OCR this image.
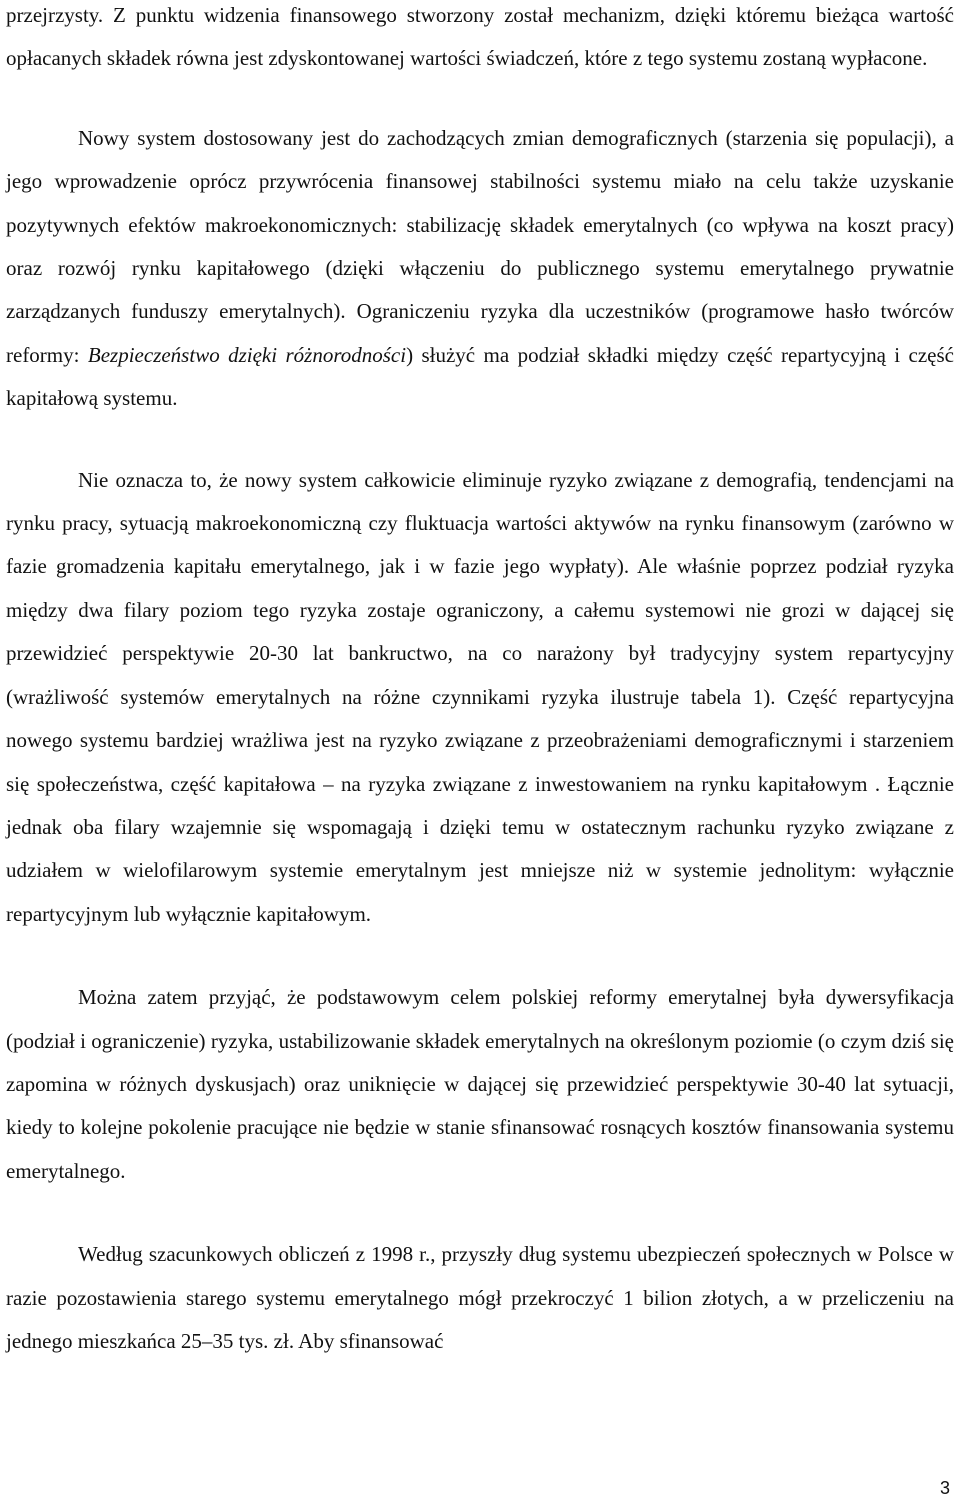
przejrzysty. Z punktu widzenia finansowego stworzony został mechanizm, dzięki któremu bieżąca wartość opłacanych składek równa jest zdyskontowanej wartości świadczeń, które z tego systemu zostaną wypłacone.

Nowy system dostosowany jest do zachodzących zmian demograficznych (starzenia się populacji), a jego wprowadzenie oprócz przywrócenia finansowej stabilności systemu miało na celu także uzyskanie pozytywnych efektów makroekonomicznych: stabilizację składek emerytalnych (co wpływa na koszt pracy) oraz rozwój rynku kapitałowego (dzięki włączeniu do publicznego systemu emerytalnego prywatnie zarządzanych funduszy emerytalnych). Ograniczeniu ryzyka dla uczestników (programowe hasło twórców reformy: Bezpieczeństwo dzięki różnorodności) służyć ma podział składki między część repartycyjną i część kapitałową systemu.

Nie oznacza to, że nowy system całkowicie eliminuje ryzyko związane z demografią, tendencjami na rynku pracy, sytuacją makroekonomiczną czy fluktuacja wartości aktywów na rynku finansowym (zarówno w fazie gromadzenia kapitału emerytalnego, jak i w fazie jego wypłaty). Ale właśnie poprzez podział ryzyka między dwa filary poziom tego ryzyka zostaje ograniczony, a całemu systemowi nie grozi w dającej się przewidzieć perspektywie 20-30 lat bankructwo, na co narażony był tradycyjny system repartycyjny (wrażliwość systemów emerytalnych na różne czynnikami ryzyka ilustruje tabela 1). Część repartycyjna nowego systemu bardziej wrażliwa jest na ryzyko związane z przeobrażeniami demograficznymi i starzeniem się społeczeństwa, część kapitałowa – na ryzyka związane z inwestowaniem na rynku kapitałowym . Łącznie jednak oba filary wzajemnie się wspomagają i dzięki temu w ostatecznym rachunku ryzyko związane z udziałem w wielofilarowym systemie emerytalnym jest mniejsze niż w systemie jednolitym: wyłącznie repartycyjnym lub wyłącznie kapitałowym.

Można zatem przyjąć, że podstawowym celem polskiej reformy emerytalnej była dywersyfikacja (podział i ograniczenie) ryzyka, ustabilizowanie składek emerytalnych na określonym poziomie (o czym dziś się zapomina w różnych dyskusjach) oraz uniknięcie w dającej się przewidzieć perspektywie 30-40 lat sytuacji, kiedy to kolejne pokolenie pracujące nie będzie w stanie sfinansować rosnących kosztów finansowania systemu emerytalnego.

Według szacunkowych obliczeń z 1998 r., przyszły dług systemu ubezpieczeń społecznych w Polsce w razie pozostawienia starego systemu emerytalnego mógł przekroczyć 1 bilion złotych, a w przeliczeniu na jednego mieszkańca 25–35 tys. zł. Aby sfinansować

3
